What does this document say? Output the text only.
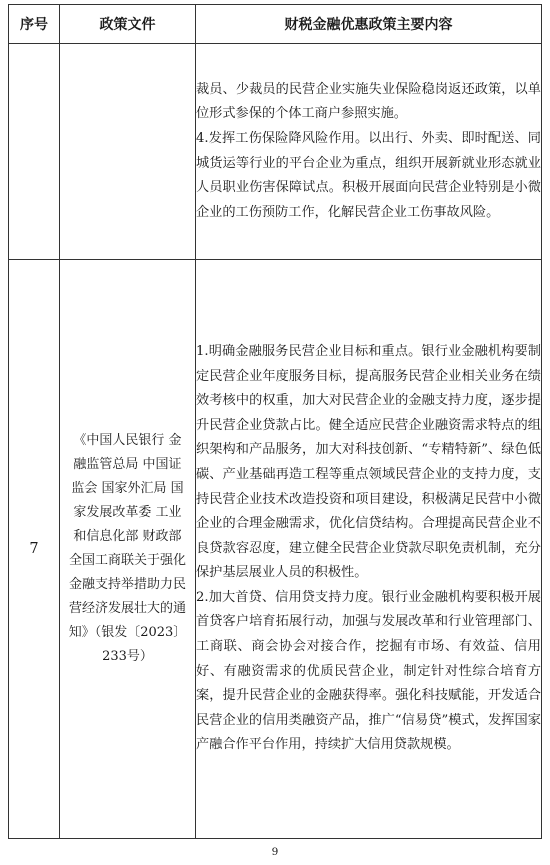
序号	政策文件	财税金融优惠政策主要内容

		裁员、少裁员的民营企业实施失业保险稳岗返还政策，以单位形式参保的个体工商户参照实施。

4.发挥工伤保险降风险作用。以出行、外卖、即时配送、同城货运等行业的平台企业为重点，组织开展新就业形态就业人员职业伤害保障试点。积极开展面向民营企业特别是小微企业的工伤预防工作，化解民营企业工伤事故风险。

7	《中国人民银行 金融监管总局 中国证监会 国家外汇局 国家发展改革委 工业和信息化部 财政部 全国工商联关于强化金融支持举措助力民营经济发展壮大的通知》（银发〔2023〕233号）	1.明确金融服务民营企业目标和重点。银行业金融机构要制定民营企业年度服务目标，提高服务民营企业相关业务在绩效考核中的权重，加大对民营企业的金融支持力度，逐步提升民营企业贷款占比。健全适应民营企业融资需求特点的组织架构和产品服务，加大对科技创新、“专精特新”、绿色低碳、产业基础再造工程等重点领域民营企业的支持力度，支持民营企业技术改造投资和项目建设，积极满足民营中小微企业的合理金融需求，优化信贷结构。合理提高民营企业不良贷款容忍度，建立健全民营企业贷款尽职免责机制，充分保护基层展业人员的积极性。

2.加大首贷、信用贷支持力度。银行业金融机构要积极开展首贷客户培育拓展行动，加强与发展改革和行业管理部门、工商联、商会协会对接合作，挖掘有市场、有效益、信用好、有融资需求的优质民营企业，制定针对性综合培育方案，提升民营企业的金融获得率。强化科技赋能，开发适合民营企业的信用类融资产品，推广“信易贷”模式，发挥国家产融合作平台作用，持续扩大信用贷款规模。

9
